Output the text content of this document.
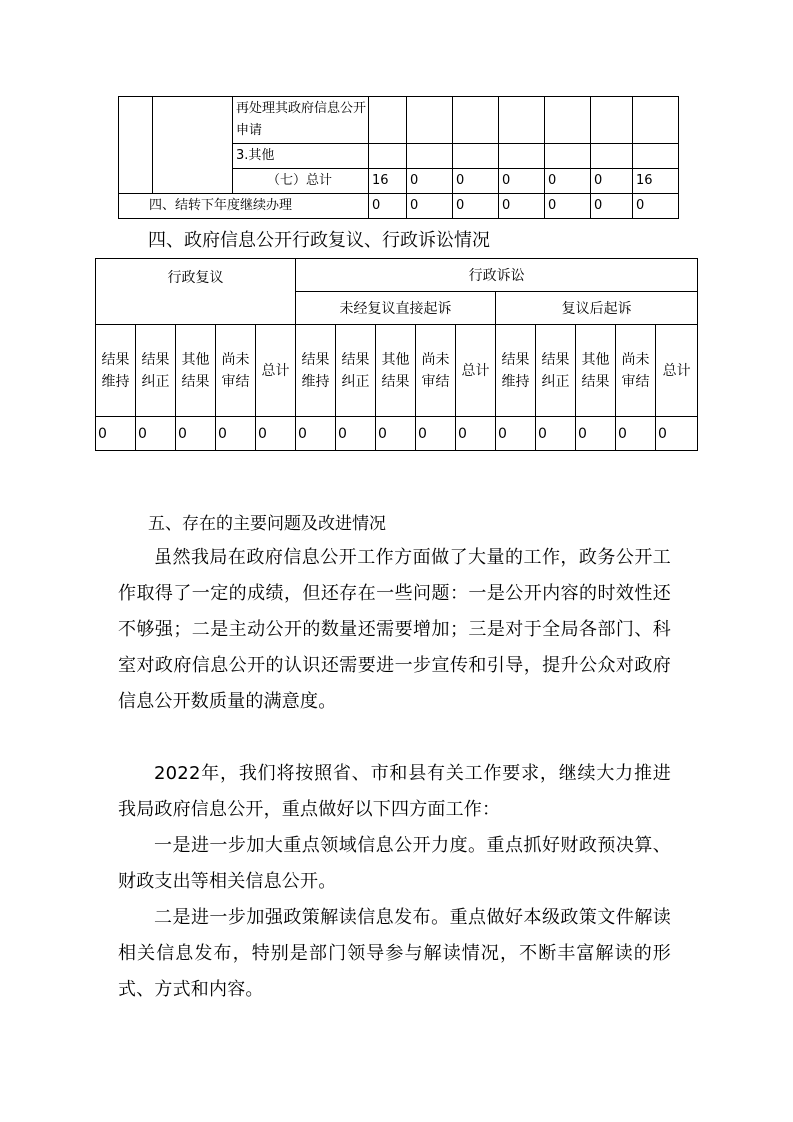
		再处理其政府信息公开申请							
		3.其他							
		（七）总计	16	0	0	0	0	0	16
四、结转下年度继续办理			0	0	0	0	0	0	0
四、政府信息公开行政复议、行政诉讼情况
行政复议					行政诉讼									
					未经复议直接起诉					复议后起诉				
结果维持	结果纠正	其他结果	尚未审结	总计	结果维持	结果纠正	其他结果	尚未审结	总计	结果维持	结果纠正	其他结果	尚未审结	总计
0	0	0	0	0	0	0	0	0	0	0	0	0	0	0
五、存在的主要问题及改进情况
虽然我局在政府信息公开工作方面做了大量的工作，政务公开工作取得了一定的成绩，但还存在一些问题：一是公开内容的时效性还不够强；二是主动公开的数量还需要增加；三是对于全局各部门、科室对政府信息公开的认识还需要进一步宣传和引导，提升公众对政府信息公开数质量的满意度。
2022年，我们将按照省、市和县有关工作要求，继续大力推进我局政府信息公开，重点做好以下四方面工作：
一是进一步加大重点领域信息公开力度。重点抓好财政预决算、财政支出等相关信息公开。
二是进一步加强政策解读信息发布。重点做好本级政策文件解读相关信息发布，特别是部门领导参与解读情况，不断丰富解读的形式、方式和内容。
